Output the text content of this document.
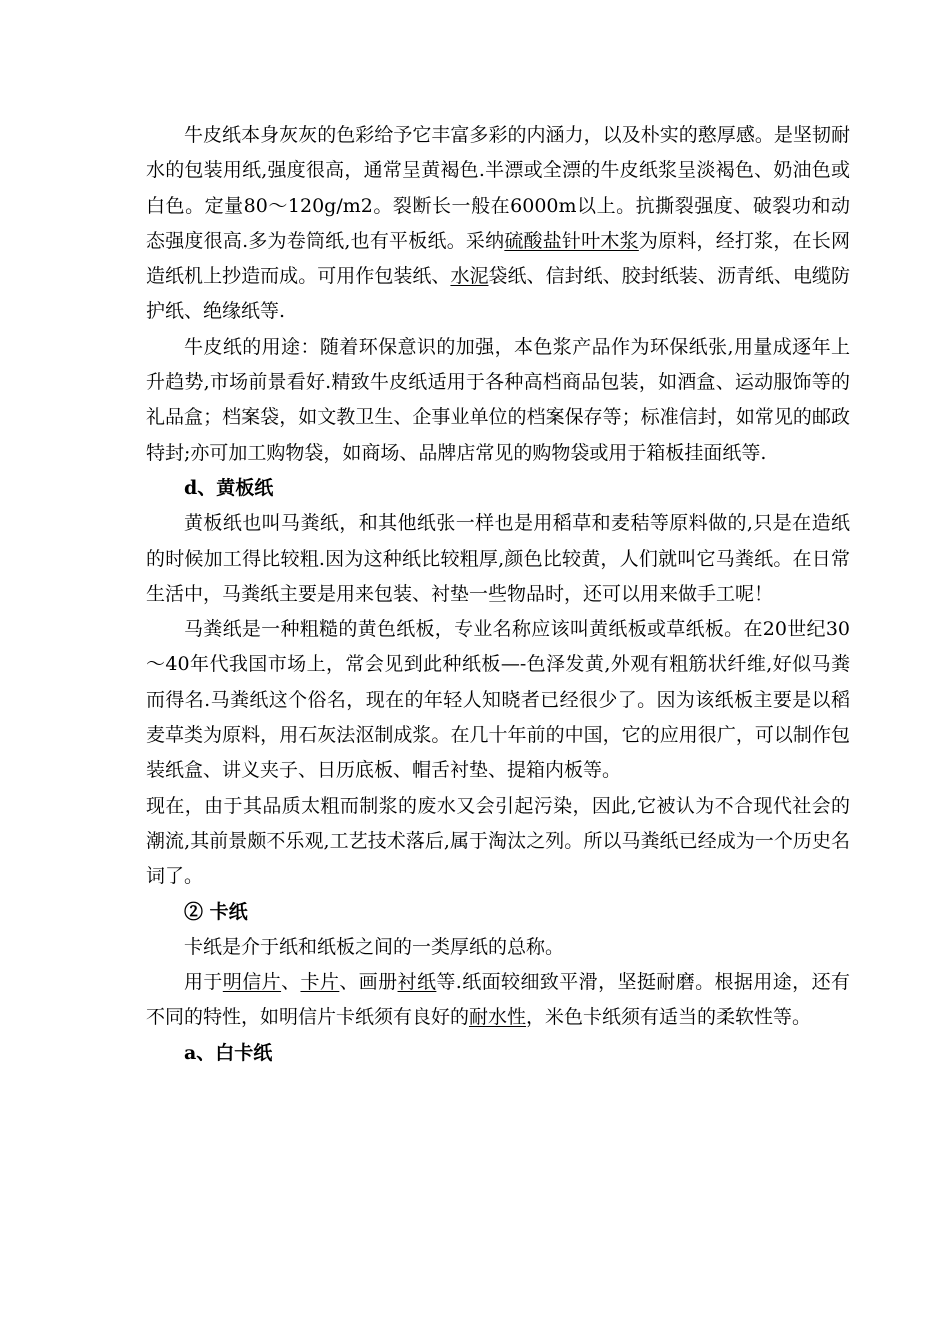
牛皮纸本身灰灰的色彩给予它丰富多彩的内涵力，以及朴实的憨厚感。是坚韧耐水的包装用纸,强度很高，通常呈黄褐色.半漂或全漂的牛皮纸浆呈淡褐色、奶油色或白色。定量80～120g/m2。裂断长一般在6000m以上。抗撕裂强度、破裂功和动态强度很高.多为卷筒纸,也有平板纸。采纳硫酸盐针叶木浆为原料，经打浆，在长网造纸机上抄造而成。可用作包装纸、水泥袋纸、信封纸、胶封纸装、沥青纸、电缆防护纸、绝缘纸等.

牛皮纸的用途：随着环保意识的加强，本色浆产品作为环保纸张,用量成逐年上升趋势,市场前景看好.精致牛皮纸适用于各种高档商品包装，如酒盒、运动服饰等的礼品盒；档案袋，如文教卫生、企事业单位的档案保存等；标准信封，如常见的邮政特封;亦可加工购物袋，如商场、品牌店常见的购物袋或用于箱板挂面纸等.

d、黄板纸

黄板纸也叫马粪纸，和其他纸张一样也是用稻草和麦秸等原料做的,只是在造纸的时候加工得比较粗.因为这种纸比较粗厚,颜色比较黄，人们就叫它马粪纸。在日常生活中，马粪纸主要是用来包装、衬垫一些物品时，还可以用来做手工呢！

马粪纸是一种粗糙的黄色纸板，专业名称应该叫黄纸板或草纸板。在20世纪30～40年代我国市场上，常会见到此种纸板—-色泽发黄,外观有粗筋状纤维,好似马粪而得名.马粪纸这个俗名，现在的年轻人知晓者已经很少了。因为该纸板主要是以稻麦草类为原料，用石灰法沤制成浆。在几十年前的中国，它的应用很广，可以制作包装纸盒、讲义夹子、日历底板、帽舌衬垫、提箱内板等。

现在，由于其品质太粗而制浆的废水又会引起污染，因此,它被认为不合现代社会的潮流,其前景颇不乐观,工艺技术落后,属于淘汰之列。所以马粪纸已经成为一个历史名词了。

② 卡纸

卡纸是介于纸和纸板之间的一类厚纸的总称。

用于明信片、卡片、画册衬纸等.纸面较细致平滑，坚挺耐磨。根据用途，还有不同的特性，如明信片卡纸须有良好的耐水性，米色卡纸须有适当的柔软性等。

a、白卡纸
